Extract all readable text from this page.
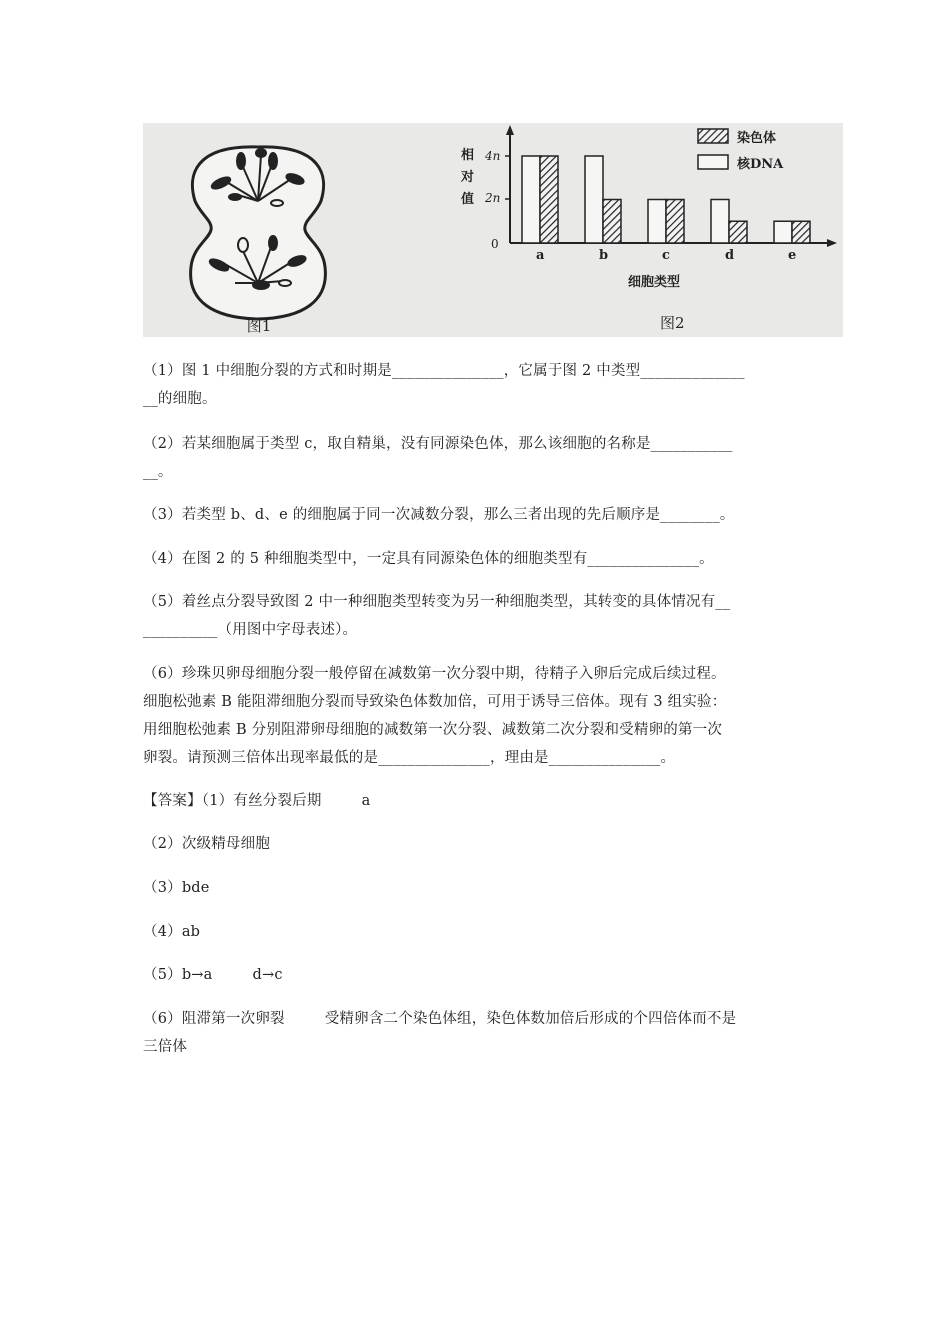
图1
相
对
值
4n
2n
0
a	b	c	d	e
细胞类型
染色体
核DNA
图2

（1）图 1 中细胞分裂的方式和时期是_______________，它属于图 2 中类型______________

__的细胞。

（2）若某细胞属于类型 c，取自精巢，没有同源染色体，那么该细胞的名称是___________

__。

（3）若类型 b、d、e 的细胞属于同一次减数分裂，那么三者出现的先后顺序是________。

（4）在图 2 的 5 种细胞类型中，一定具有同源染色体的细胞类型有_______________。

（5）着丝点分裂导致图 2 中一种细胞类型转变为另一种细胞类型，其转变的具体情况有__

__________（用图中字母表述）。

（6）珍珠贝卵母细胞分裂一般停留在减数第一次分裂中期，待精子入卵后完成后续过程。

细胞松弛素 B 能阻滞细胞分裂而导致染色体数加倍，可用于诱导三倍体。现有 3 组实验：

用细胞松弛素 B 分别阻滞卵母细胞的减数第一次分裂、减数第二次分裂和受精卵的第一次

卵裂。请预测三倍体出现率最低的是_______________，理由是_______________。

【答案】（1）有丝分裂后期	a

（2）次级精母细胞

（3）bde

（4）ab

（5）b→a	d→c

（6）阻滞第一次卵裂	受精卵含二个染色体组，染色体数加倍后形成的个四倍体而不是

三倍体
